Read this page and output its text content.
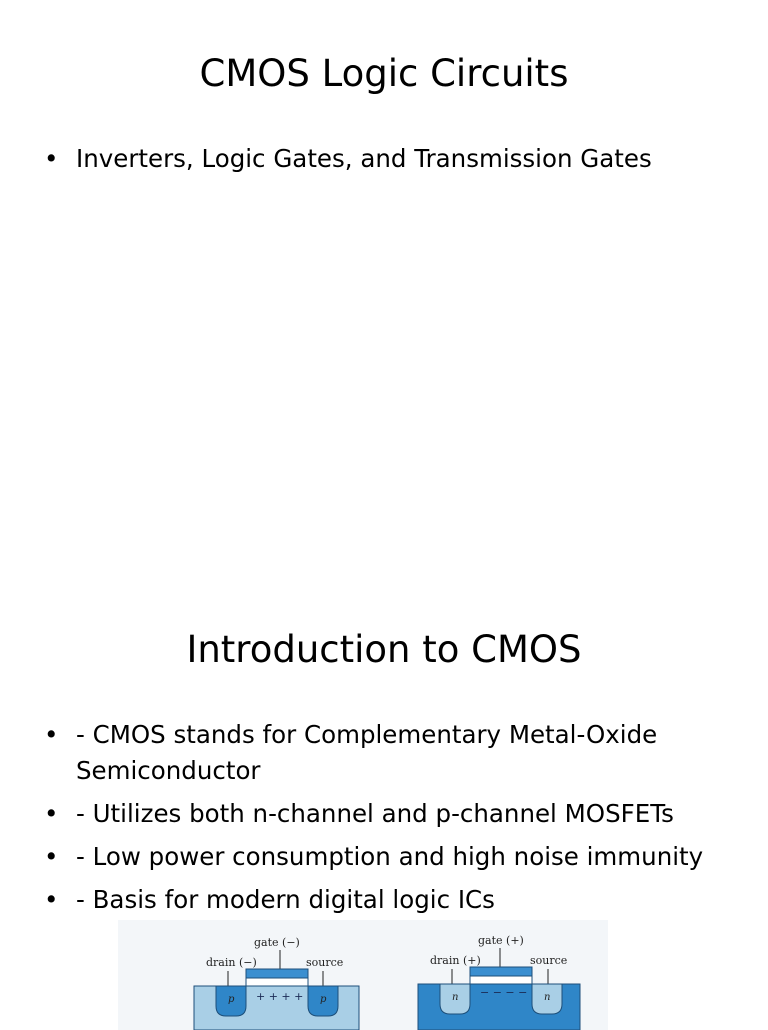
CMOS Logic Circuits
• Inverters, Logic Gates, and Transmission Gates
Introduction to CMOS
• - CMOS stands for Complementary Metal-Oxide Semiconductor
• - Utilizes both n-channel and p-channel MOSFETs
• - Low power consumption and high noise immunity
• - Basis for modern digital logic ICs
gate (−)
drain (−)	source
p	p
+ + + +
gate (+)
drain (+)	source
n	n
− − − −
